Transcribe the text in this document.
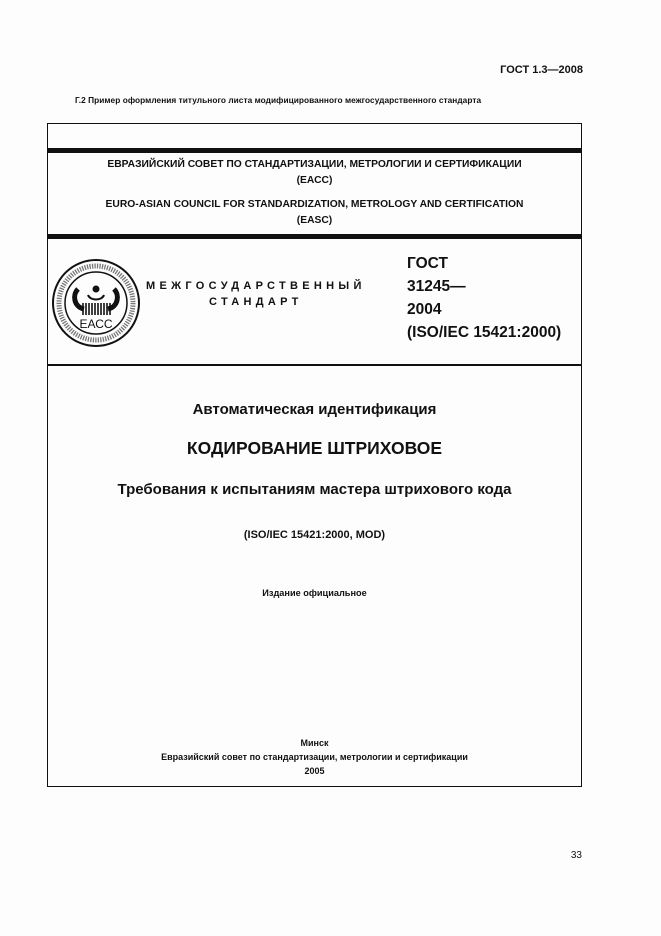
ГОСТ 1.3—2008
Г.2 Пример оформления титульного листа модифицированного межгосударственного стандарта
ЕВРАЗИЙСКИЙ СОВЕТ ПО СТАНДАРТИЗАЦИИ, МЕТРОЛОГИИ И СЕРТИФИКАЦИИ
(ЕАСС)
EURO-ASIAN COUNCIL FOR STANDARDIZATION, METROLOGY AND CERTIFICATION
(EASC)
ЕАСС
МЕЖГОСУДАРСТВЕННЫЙ
СТАНДАРТ
ГОСТ
31245—
2004
(ISO/IEC 15421:2000)
Автоматическая идентификация
КОДИРОВАНИЕ ШТРИХОВОЕ
Требования к испытаниям мастера штрихового кода
(ISO/IEC 15421:2000, MOD)
Издание официальное
Минск
Евразийский совет по стандартизации, метрологии и сертификации
2005
33
